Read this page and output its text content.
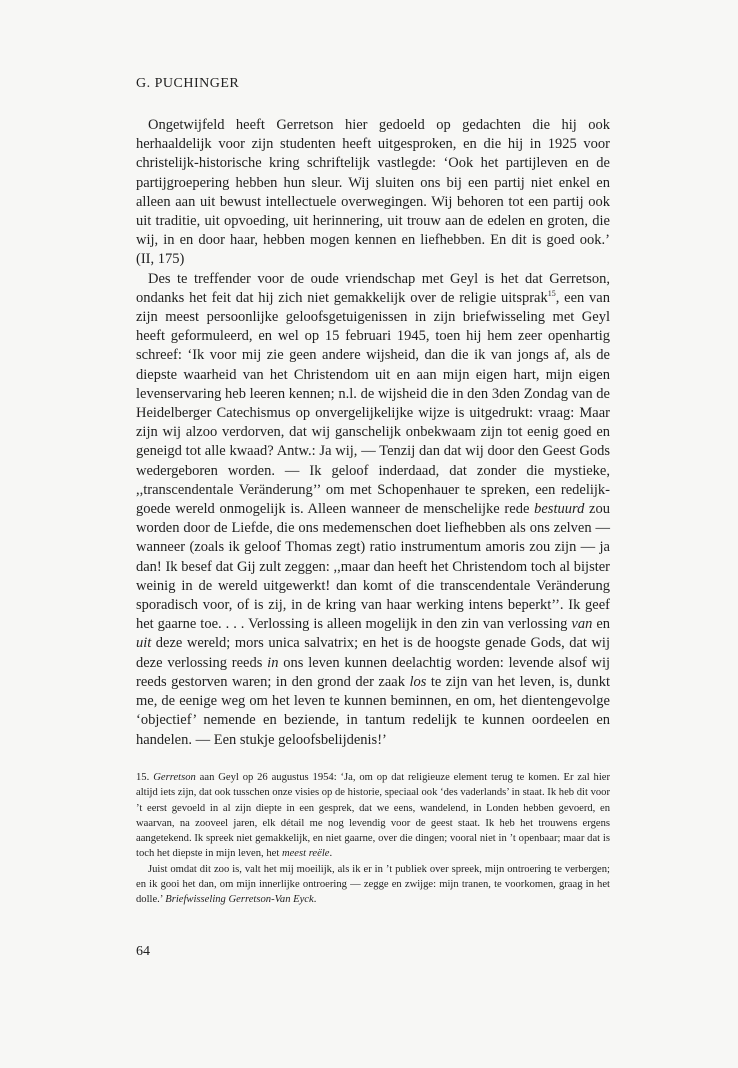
G. PUCHINGER

Ongetwijfeld heeft Gerretson hier gedoeld op gedachten die hij ook herhaaldelijk voor zijn studenten heeft uitgesproken, en die hij in 1925 voor christelijk-historische kring schriftelijk vastlegde: ‘Ook het partijleven en de partijgroepering hebben hun sleur. Wij sluiten ons bij een partij niet enkel en alleen aan uit bewust intellectuele overwegingen. Wij behoren tot een partij ook uit traditie, uit opvoeding, uit herinnering, uit trouw aan de edelen en groten, die wij, in en door haar, hebben mogen kennen en liefhebben. En dit is goed ook.’ (II, 175)

Des te treffender voor de oude vriendschap met Geyl is het dat Gerretson, ondanks het feit dat hij zich niet gemakkelijk over de religie uitsprak$^{15}$, een van zijn meest persoonlijke geloofsgetuigenissen in zijn briefwisseling met Geyl heeft geformuleerd, en wel op 15 februari 1945, toen hij hem zeer openhartig schreef: ‘Ik voor mij zie geen andere wijsheid, dan die ik van jongs af, als de diepste waarheid van het Christendom uit en aan mijn eigen hart, mijn eigen levenservaring heb leeren kennen; n.l. de wijsheid die in den 3den Zondag van de Heidelberger Catechismus op onvergelijkelijke wijze is uitgedrukt: vraag: Maar zijn wij alzoo verdorven, dat wij ganschelijk onbekwaam zijn tot eenig goed en geneigd tot alle kwaad? Antw.: Ja wij, — Tenzij dan dat wij door den Geest Gods wedergeboren worden. — Ik geloof inderdaad, dat zonder die mystieke, ,,transcendentale Veränderung’’ om met Schopenhauer te spreken, een redelijk-goede wereld onmogelijk is. Alleen wanneer de menschelijke rede bestuurd zou worden door de Liefde, die ons medemenschen doet liefhebben als ons zelven — wanneer (zoals ik geloof Thomas zegt) ratio instrumentum amoris zou zijn — ja dan! Ik besef dat Gij zult zeggen: ,,maar dan heeft het Christendom toch al bijster weinig in de wereld uitgewerkt! dan komt of die transcendentale Veränderung sporadisch voor, of is zij, in de kring van haar werking intens beperkt’’. Ik geef het gaarne toe. . . . Verlossing is alleen mogelijk in den zin van verlossing van en uit deze wereld; mors unica salvatrix; en het is de hoogste genade Gods, dat wij deze verlossing reeds in ons leven kunnen deelachtig worden: levende alsof wij reeds gestorven waren; in den grond der zaak los te zijn van het leven, is, dunkt me, de eenige weg om het leven te kunnen beminnen, en om, het dientengevolge ‘objectief’ nemende en beziende, in tantum redelijk te kunnen oordeelen en handelen. — Een stukje geloofsbelijdenis!’

15. Gerretson aan Geyl op 26 augustus 1954: ‘Ja, om op dat religieuze element terug te komen. Er zal hier altijd iets zijn, dat ook tusschen onze visies op de historie, speciaal ook ‘des vaderlands’ in staat. Ik heb dit voor ’t eerst gevoeld in al zijn diepte in een gesprek, dat we eens, wandelend, in Londen hebben gevoerd, en waarvan, na zooveel jaren, elk détail me nog levendig voor de geest staat. Ik heb het trouwens ergens aangetekend. Ik spreek niet gemakkelijk, en niet gaarne, over die dingen; vooral niet in ’t openbaar; maar dat is toch het diepste in mijn leven, het meest reële.

Juist omdat dit zoo is, valt het mij moeilijk, als ik er in ’t publiek over spreek, mijn ontroering te verbergen; en ik gooi het dan, om mijn innerlijke ontroering — zegge en zwijge: mijn tranen, te voorkomen, graag in het dolle.’ Briefwisseling Gerretson-Van Eyck.

64
